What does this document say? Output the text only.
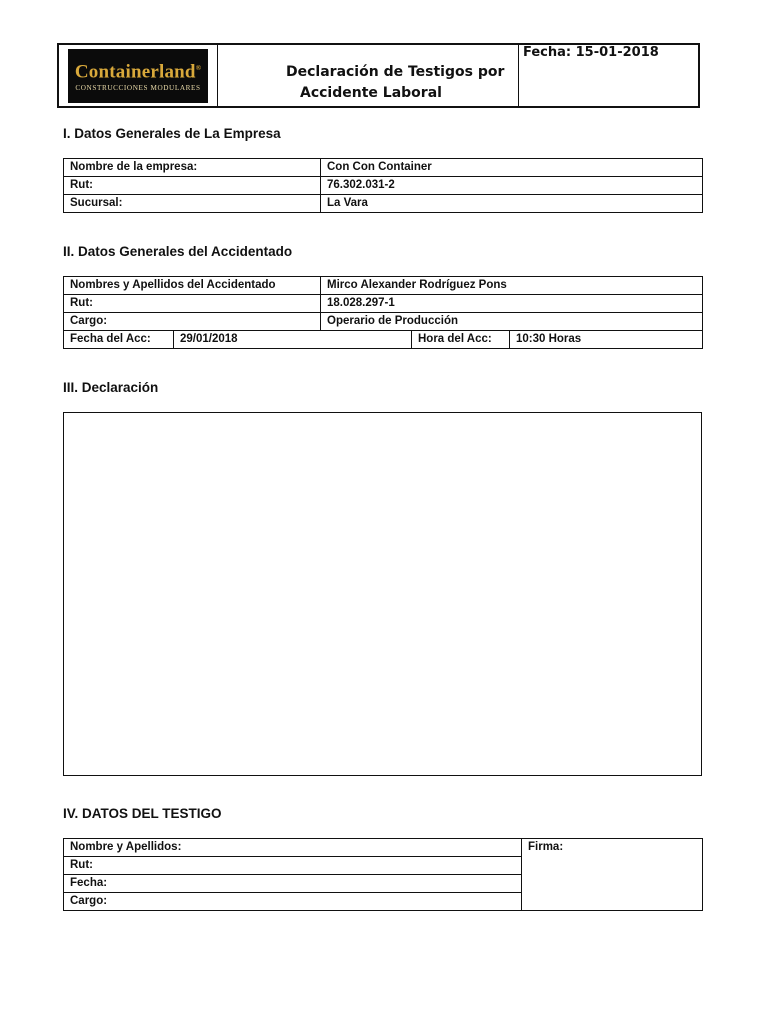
Containerland®
CONSTRUCCIONES MODULARES
Declaración de Testigos por
Accidente Laboral
Fecha: 15-01-2018
I. Datos Generales de La Empresa
Nombre de la empresa:	Con Con Container
Rut:	76.302.031-2
Sucursal:	La Vara
II. Datos Generales del Accidentado
Nombres y Apellidos del Accidentado		Mirco Alexander Rodríguez Pons		
Rut:		18.028.297-1		
Cargo:		Operario de Producción		
Fecha del Acc:	29/01/2018		Hora del Acc:	10:30 Horas
III. Declaración
IV. DATOS DEL TESTIGO
Nombre y Apellidos:	Firma:
Rut:
Fecha:
Cargo:
